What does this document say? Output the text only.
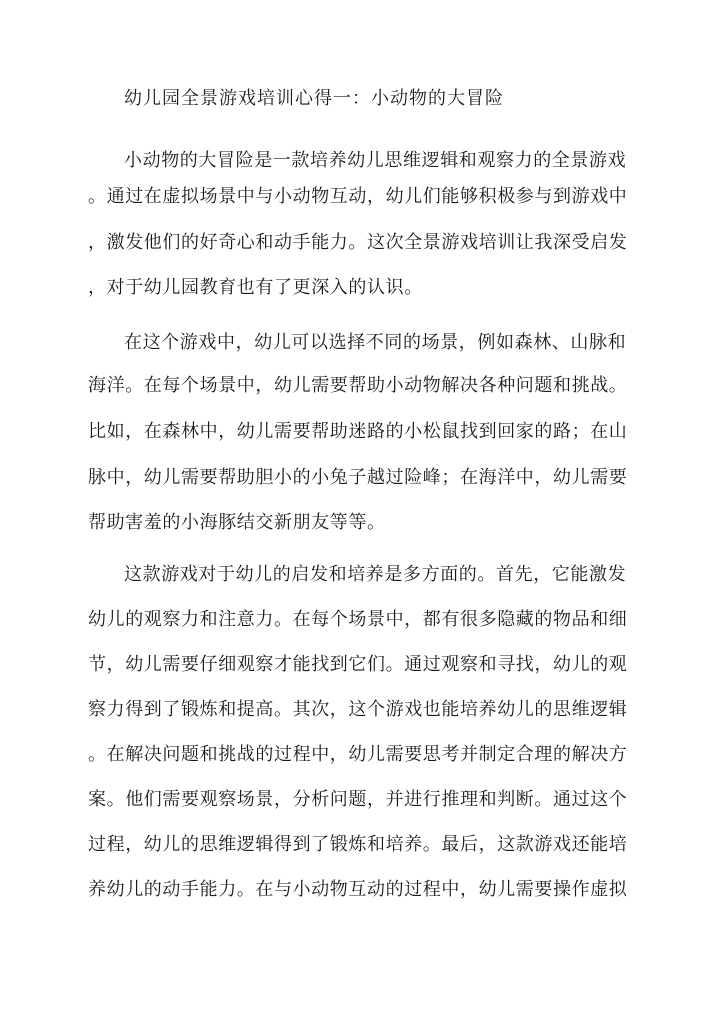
幼儿园全景游戏培训心得一：小动物的大冒险
小动物的大冒险是一款培养幼儿思维逻辑和观察力的全景游戏
。通过在虚拟场景中与小动物互动，幼儿们能够积极参与到游戏中
，激发他们的好奇心和动手能力。这次全景游戏培训让我深受启发
，对于幼儿园教育也有了更深入的认识。
在这个游戏中，幼儿可以选择不同的场景，例如森林、山脉和
海洋。在每个场景中，幼儿需要帮助小动物解决各种问题和挑战。
比如，在森林中，幼儿需要帮助迷路的小松鼠找到回家的路；在山
脉中，幼儿需要帮助胆小的小兔子越过险峰；在海洋中，幼儿需要
帮助害羞的小海豚结交新朋友等等。
这款游戏对于幼儿的启发和培养是多方面的。首先，它能激发
幼儿的观察力和注意力。在每个场景中，都有很多隐藏的物品和细
节，幼儿需要仔细观察才能找到它们。通过观察和寻找，幼儿的观
察力得到了锻炼和提高。其次，这个游戏也能培养幼儿的思维逻辑
。在解决问题和挑战的过程中，幼儿需要思考并制定合理的解决方
案。他们需要观察场景，分析问题，并进行推理和判断。通过这个
过程，幼儿的思维逻辑得到了锻炼和培养。最后，这款游戏还能培
养幼儿的动手能力。在与小动物互动的过程中，幼儿需要操作虚拟
